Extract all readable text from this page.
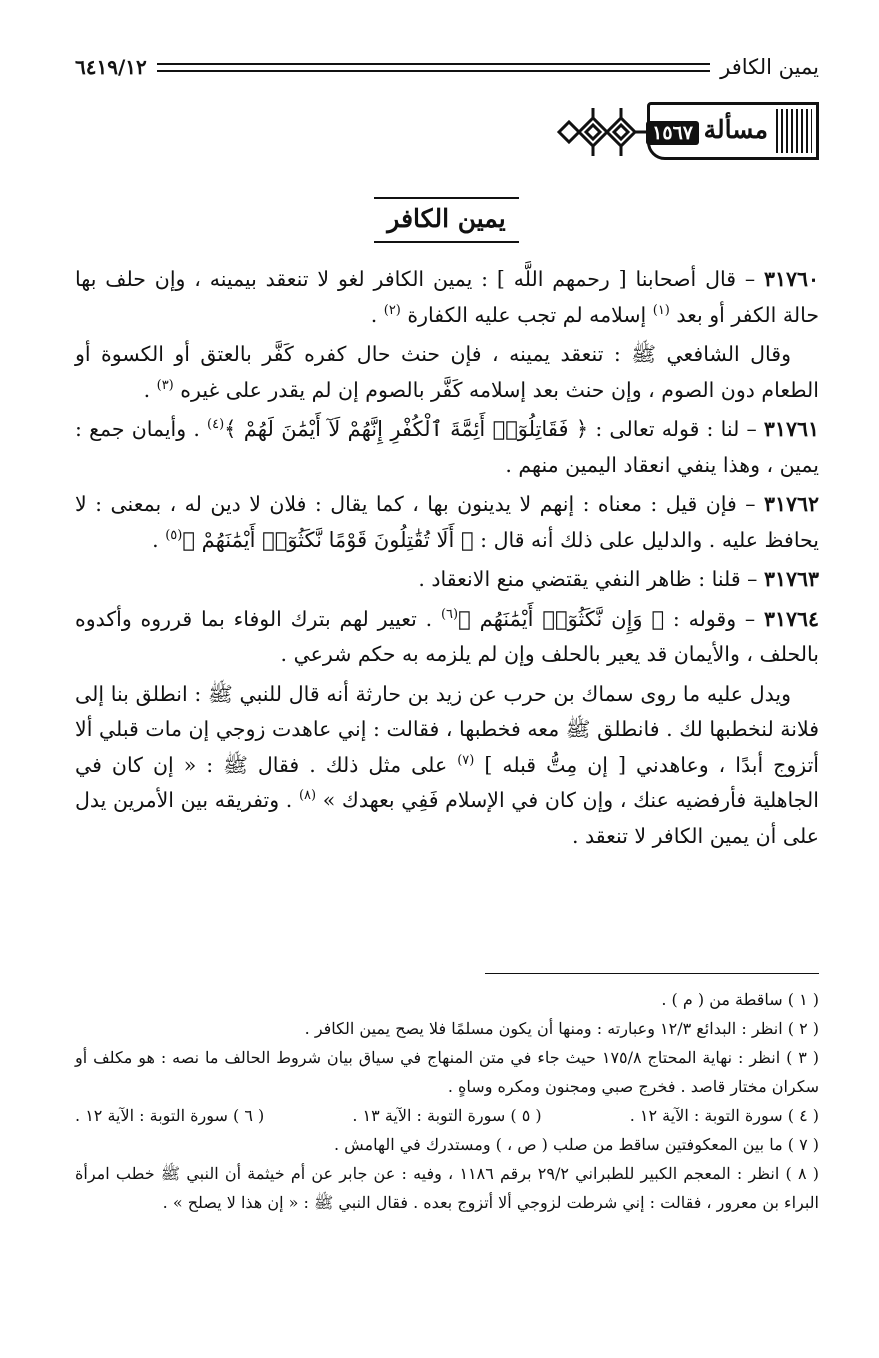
يمين الكافر
٦٤١٩/١٢
مسألة
١٥٦٧
يمين الكافر

٣١٧٦٠ – قال أصحابنا [ رحمهم اللَّه ] : يمين الكافر لغو لا تنعقد بيمينه ، وإن حلف بها حالة الكفر أو بعد $^{(١)}$ إسلامه لم تجب عليه الكفارة $^{(٢)}$ .

وقال الشافعي ﷺ : تنعقد يمينه ، فإن حنث حال كفره كَفَّر بالعتق أو الكسوة أو الطعام دون الصوم ، وإن حنث بعد إسلامه كَفَّر بالصوم إن لم يقدر على غيره $^{(٣)}$ .

٣١٧٦١ – لنا : قوله تعالى : ﴿ فَقَاتِلُوٓا۟ أَئِمَّةَ ٱلْكُفْرِ إِنَّهُمْ لَآ أَيْمَٰنَ لَهُمْ ﴾$^{(٤)}$ . وأيمان جمع : يمين ، وهذا ينفي انعقاد اليمين منهم .

٣١٧٦٢ – فإن قيل : معناه : إنهم لا يدينون بها ، كما يقال : فلان لا دين له ، بمعنى : لا يحافظ عليه . والدليل على ذلك أنه قال : ﴿ أَلَا تُقَٰتِلُونَ قَوْمًا نَّكَثُوٓا۟ أَيْمَٰنَهُمْ ﴾$^{(٥)}$ .

٣١٧٦٣ – قلنا : ظاهر النفي يقتضي منع الانعقاد .

٣١٧٦٤ – وقوله : ﴿ وَإِن نَّكَثُوٓا۟ أَيْمَٰنَهُم ﴾$^{(٦)}$ . تعيير لهم بترك الوفاء بما قرروه وأكدوه بالحلف ، والأيمان قد يعير بالحلف وإن لم يلزمه به حكم شرعي .

ويدل عليه ما روى سماك بن حرب عن زيد بن حارثة أنه قال للنبي ﷺ : انطلق بنا إلى فلانة لنخطبها لك . فانطلق ﷺ معه فخطبها ، فقالت : إني عاهدت زوجي إن مات قبلي ألا أتزوج أبدًا ، وعاهدني [ إن مِتُّ قبله ] $^{(٧)}$ على مثل ذلك . فقال ﷺ : « إن كان في الجاهلية فأرفضيه عنك ، وإن كان في الإسلام فَفِي بعهدك » $^{(٨)}$ . وتفريقه بين الأمرين يدل على أن يمين الكافر لا تنعقد .

( ١ ) ساقطة من ( م ) .

( ٢ ) انظر : البدائع ١٢/٣ وعبارته : ومنها أن يكون مسلمًا فلا يصح يمين الكافر .

( ٣ ) انظر : نهاية المحتاج ١٧٥/٨ حيث جاء في متن المنهاج في سياق بيان شروط الحالف ما نصه : هو مكلف أو سكران مختار قاصد . فخرج صبي ومجنون ومكره وساهٍ .

( ٤ ) سورة التوبة : الآية ١٢ .
( ٥ ) سورة التوبة : الآية ١٣ .
( ٦ ) سورة التوبة : الآية ١٢ .

( ٧ ) ما بين المعكوفتين ساقط من صلب ( ص ، ) ومستدرك في الهامش .

( ٨ ) انظر : المعجم الكبير للطبراني ٢٩/٢ برقم ١١٨٦ ، وفيه : عن جابر عن أم خيثمة أن النبي ﷺ خطب امرأة البراء بن معرور ، فقالت : إني شرطت لزوجي ألا أتزوج بعده . فقال النبي ﷺ : « إن هذا لا يصلح » .
